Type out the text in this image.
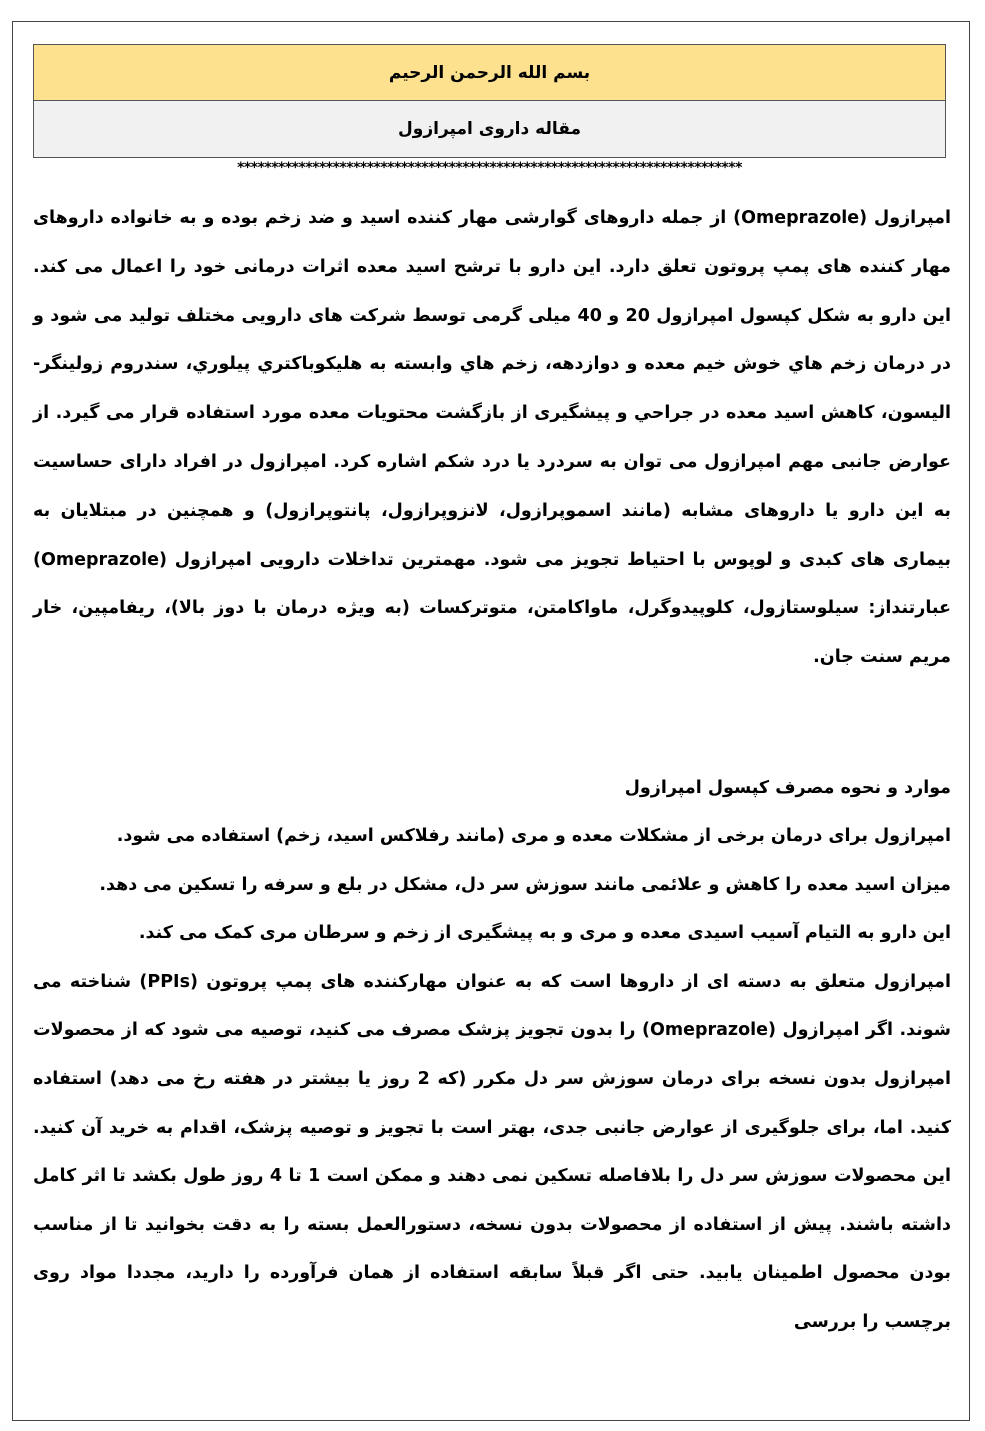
بسم الله الرحمن الرحیم
مقاله داروی امپرازول
**************************************************************************

امپرازول (Omeprazole) از جمله داروهای گوارشی مهار کننده اسید و ضد زخم بوده و به خانواده داروهای مهار کننده های پمپ پروتون تعلق دارد. این دارو با ترشح اسید معده اثرات درمانی خود را اعمال می کند. این دارو به شکل کپسول امپرازول 20 و 40 میلی گرمی توسط شرکت های دارویی مختلف تولید می شود و در درمان زخم هاي خوش خیم معده و دوازدهه، زخم هاي وابسته به هلیکوباکتري پیلوري، سندروم زولینگر- الیسون، کاهش اسید معده در جراحي و پیشگیری از بازگشت محتویات معده مورد استفاده قرار می گیرد. از عوارض جانبی مهم امپرازول می توان به سردرد یا درد شکم اشاره کرد. امپرازول در افراد دارای حساسیت به این دارو یا داروهای مشابه (مانند اسموپرازول، لانزوپرازول، پانتوپرازول) و همچنین در مبتلایان به بیماری های کبدی و لوپوس با احتیاط تجویز می شود. مهمترین تداخلات دارویی امپرازول (Omeprazole) عبارتنداز: سیلوستازول، کلوپیدوگرل، ماواکامتن، متوترکسات (به ویژه درمان با دوز بالا)، ریفامپین، خار مریم سنت جان.

موارد و نحوه مصرف کپسول امپرازول

امپرازول برای درمان برخی از مشکلات معده و مری (مانند رفلاکس اسید، زخم) استفاده می شود.

میزان اسید معده را کاهش و علائمی مانند سوزش سر دل، مشکل در بلع و سرفه را تسکین می دهد.

این دارو به التیام آسیب اسیدی معده و مری و به پیشگیری از زخم و سرطان مری کمک می کند.

امپرازول متعلق به دسته ای از داروها است که به عنوان مهارکننده های پمپ پروتون (PPIs) شناخته می شوند. اگر امپرازول (Omeprazole) را بدون تجویز پزشک مصرف می کنید، توصیه می شود که از محصولات امپرازول بدون نسخه برای درمان سوزش سر دل مکرر (که 2 روز یا بیشتر در هفته رخ می دهد) استفاده کنید. اما، برای جلوگیری از عوارض جانبی جدی، بهتر است با تجویز و توصیه پزشک، اقدام به خرید آن کنید. این محصولات سوزش سر دل را بلافاصله تسکین نمی دهند و ممکن است 1 تا 4 روز طول بکشد تا اثر کامل داشته باشند. پیش از استفاده از محصولات بدون نسخه، دستورالعمل بسته را به دقت بخوانید تا از مناسب بودن محصول اطمینان یابید. حتی اگر قبلاً سابقه استفاده از همان فرآورده را دارید، مجددا مواد روی برچسب را بررسی
